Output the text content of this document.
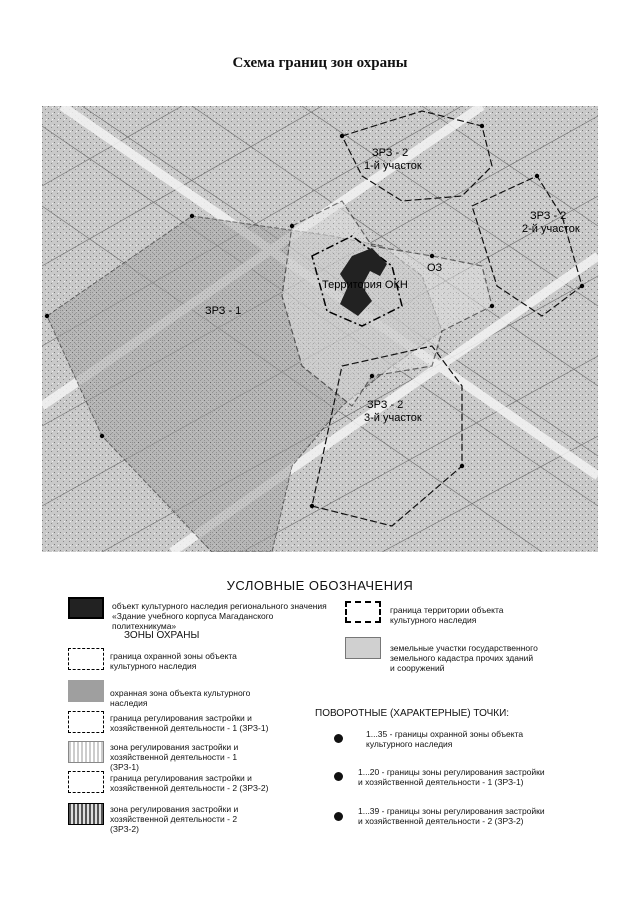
Схема границ зон охраны
ЗРЗ - 2
1-й участок
ЗРЗ - 2
2-й участок
ЗРЗ - 2
3-й участок
ЗРЗ - 1
ОЗ
Территория ОКН
УСЛОВНЫЕ ОБОЗНАЧЕНИЯ
объект культурного наследия регионального значения «Здание учебного корпуса Магаданского политехникума»
ЗОНЫ ОХРАНЫ
граница охранной зоны объекта культурного наследия
охранная зона объекта культурного наследия
граница регулирования застройки и хозяйственной деятельности - 1 (ЗРЗ-1)
зона регулирования застройки и хозяйственной деятельности - 1 (ЗРЗ-1)
граница регулирования застройки и хозяйственной деятельности - 2 (ЗРЗ-2)
зона регулирования застройки и хозяйственной деятельности - 2 (ЗРЗ-2)
граница территории объекта культурного наследия
земельные участки государственного земельного кадастра прочих зданий и сооружений
ПОВОРОТНЫЕ (ХАРАКТЕРНЫЕ) ТОЧКИ:
1...35 - границы охранной зоны объекта культурного наследия
1...20 - границы зоны регулирования застройки и хозяйственной деятельности - 1 (ЗРЗ-1)
1...39 - границы зоны регулирования застройки и хозяйственной деятельности - 2 (ЗРЗ-2)
